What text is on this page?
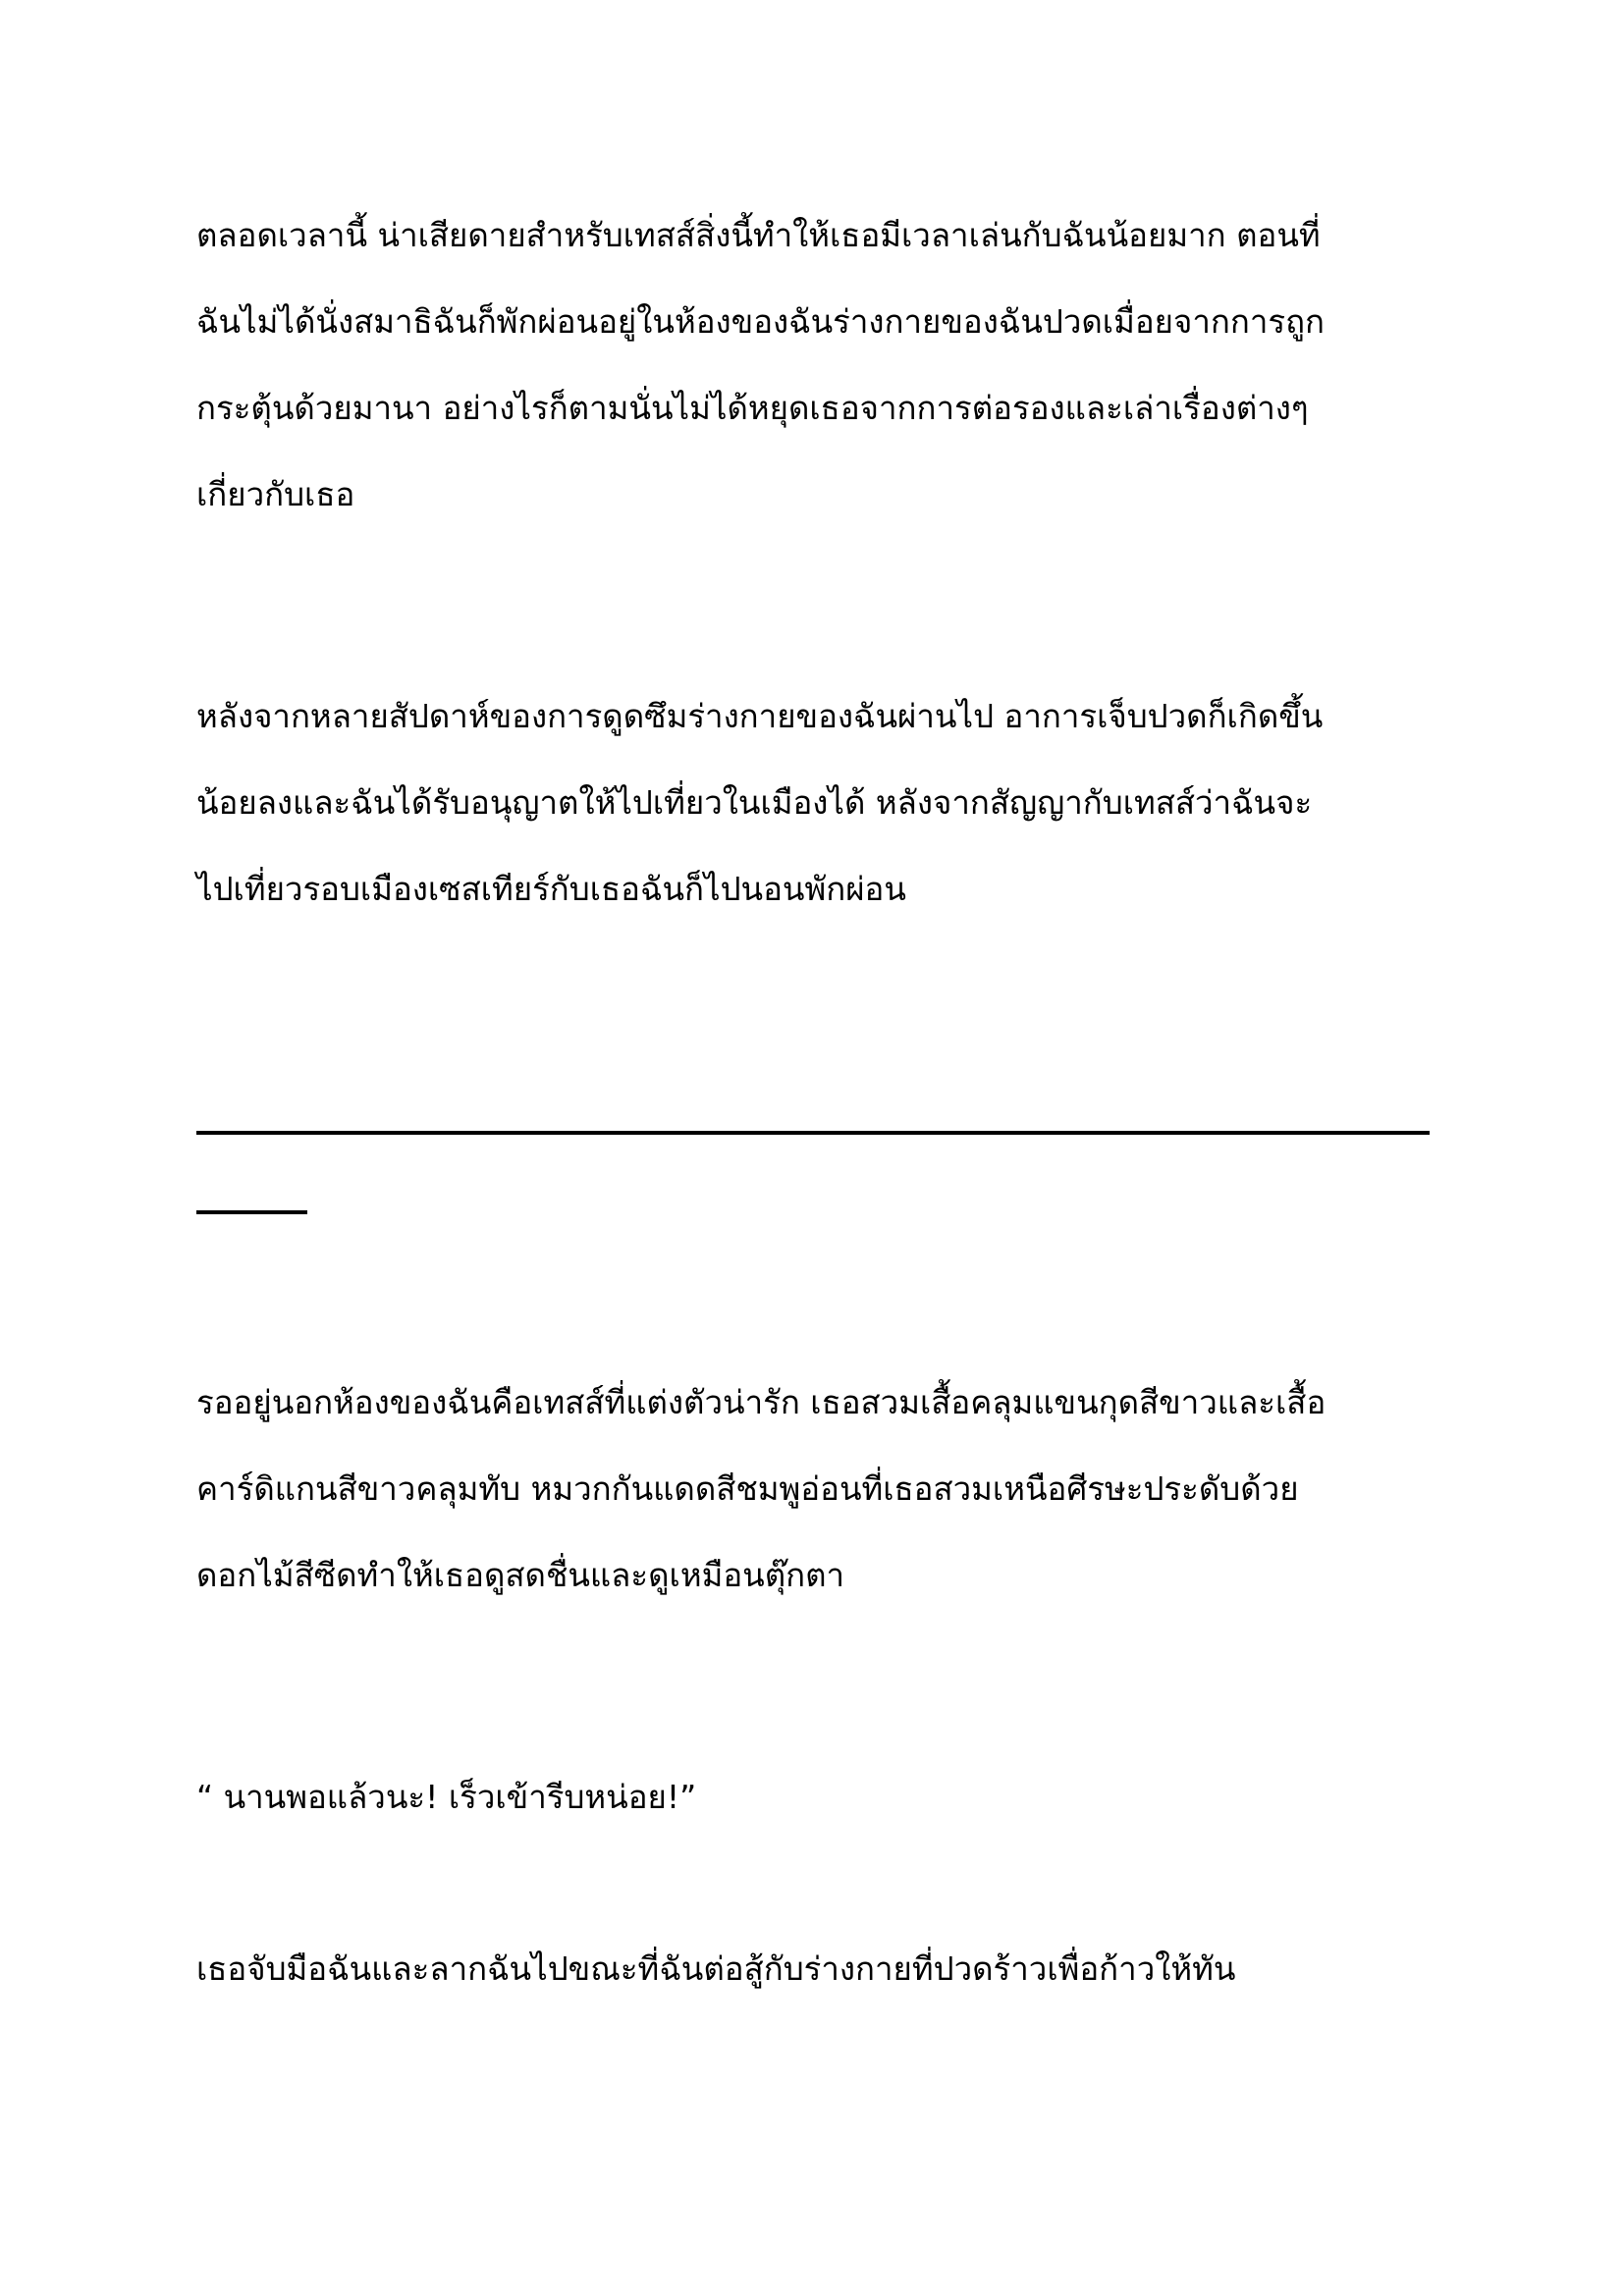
ตลอดเวลานี้ น่าเสียดายสำหรับเทสส์สิ่งนี้ทำให้เธอมีเวลาเล่นกับฉันน้อยมาก ตอนที่
ฉันไม่ได้นั่งสมาธิฉันก็พักผ่อนอยู่ในห้องของฉันร่างกายของฉันปวดเมื่อยจากการถูก
กระตุ้นด้วยมานา อย่างไรก็ตามนั่นไม่ได้หยุดเธอจากการต่อรองและเล่าเรื่องต่างๆ
เกี่ยวกับเธอ
หลังจากหลายสัปดาห์ของการดูดซึมร่างกายของฉันผ่านไป อาการเจ็บปวดก็เกิดขึ้น
น้อยลงและฉันได้รับอนุญาตให้ไปเที่ยวในเมืองได้ หลังจากสัญญากับเทสส์ว่าฉันจะ
ไปเที่ยวรอบเมืองเซสเทียร์กับเธอฉันก็ไปนอนพักผ่อน
รออยู่นอกห้องของฉันคือเทสส์ที่แต่งตัวน่ารัก เธอสวมเสื้อคลุมแขนกุดสีขาวและเสื้อ
คาร์ดิแกนสีขาวคลุมทับ หมวกกันแดดสีชมพูอ่อนที่เธอสวมเหนือศีรษะประดับด้วย
ดอกไม้สีซีดทำให้เธอดูสดชื่นและดูเหมือนตุ๊กตา
“ นานพอแล้วนะ! เร็วเข้ารีบหน่อย!”
เธอจับมือฉันและลากฉันไปขณะที่ฉันต่อสู้กับร่างกายที่ปวดร้าวเพื่อก้าวให้ทัน
